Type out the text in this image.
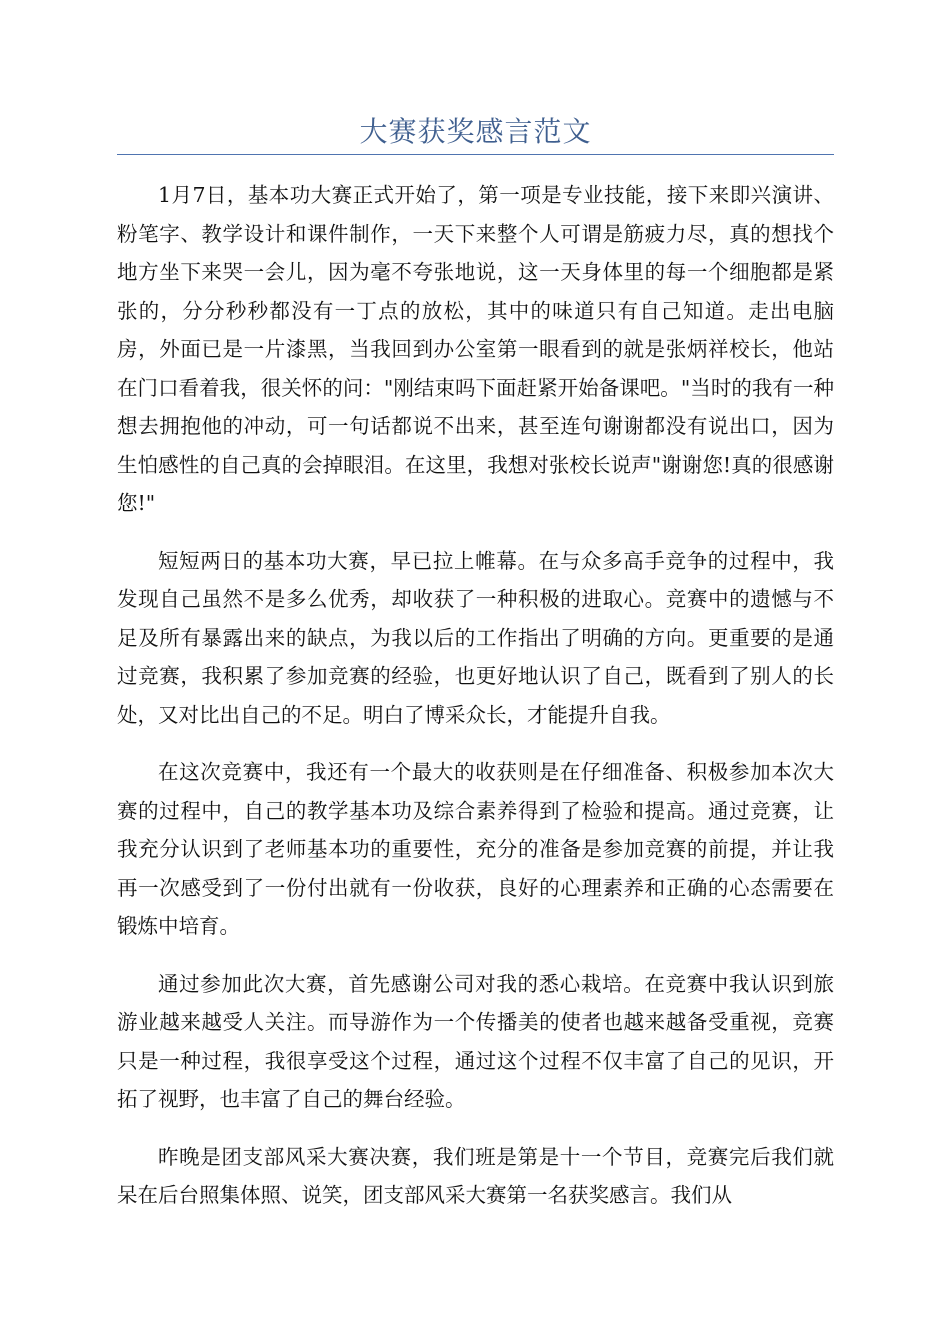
大赛获奖感言范文

1月7日，基本功大赛正式开始了，第一项是专业技能，接下来即兴演讲、粉笔字、教学设计和课件制作，一天下来整个人可谓是筋疲力尽，真的想找个地方坐下来哭一会儿，因为毫不夸张地说，这一天身体里的每一个细胞都是紧张的，分分秒秒都没有一丁点的放松，其中的味道只有自己知道。走出电脑房，外面已是一片漆黑，当我回到办公室第一眼看到的就是张炳祥校长，他站在门口看着我，很关怀的问："刚结束吗下面赶紧开始备课吧。"当时的我有一种想去拥抱他的冲动，可一句话都说不出来，甚至连句谢谢都没有说出口，因为生怕感性的自己真的会掉眼泪。在这里，我想对张校长说声"谢谢您!真的很感谢您!"

短短两日的基本功大赛，早已拉上帷幕。在与众多高手竞争的过程中，我发现自己虽然不是多么优秀，却收获了一种积极的进取心。竞赛中的遗憾与不足及所有暴露出来的缺点，为我以后的工作指出了明确的方向。更重要的是通过竞赛，我积累了参加竞赛的经验，也更好地认识了自己，既看到了别人的长处，又对比出自己的不足。明白了博采众长，才能提升自我。

在这次竞赛中，我还有一个最大的收获则是在仔细准备、积极参加本次大赛的过程中，自己的教学基本功及综合素养得到了检验和提高。通过竞赛，让我充分认识到了老师基本功的重要性，充分的准备是参加竞赛的前提，并让我再一次感受到了一份付出就有一份收获，良好的心理素养和正确的心态需要在锻炼中培育。

通过参加此次大赛，首先感谢公司对我的悉心栽培。在竞赛中我认识到旅游业越来越受人关注。而导游作为一个传播美的使者也越来越备受重视，竞赛只是一种过程，我很享受这个过程，通过这个过程不仅丰富了自己的见识，开拓了视野，也丰富了自己的舞台经验。

昨晚是团支部风采大赛决赛，我们班是第是十一个节目，竞赛完后我们就呆在后台照集体照、说笑，团支部风采大赛第一名获奖感言。我们从
